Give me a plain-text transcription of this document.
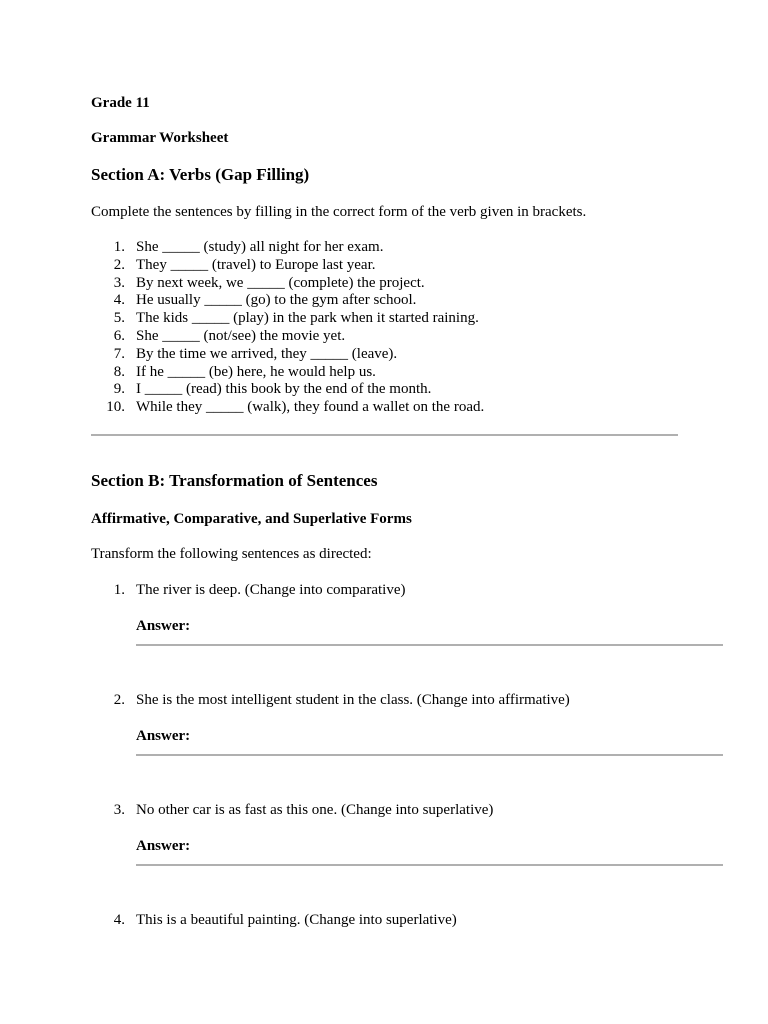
Grade 11

Grammar Worksheet

Section A: Verbs (Gap Filling)

Complete the sentences by filling in the correct form of the verb given in brackets.

1. She _____ (study) all night for her exam.
2. They _____ (travel) to Europe last year.
3. By next week, we _____ (complete) the project.
4. He usually _____ (go) to the gym after school.
5. The kids _____ (play) in the park when it started raining.
6. She _____ (not/see) the movie yet.
7. By the time we arrived, they _____ (leave).
8. If he _____ (be) here, he would help us.
9. I _____ (read) this book by the end of the month.
10. While they _____ (walk), they found a wallet on the road.
Section B: Transformation of Sentences
Affirmative, Comparative, and Superlative Forms

Transform the following sentences as directed:

1. The river is deep. (Change into comparative)
Answer:
2. She is the most intelligent student in the class. (Change into affirmative)
Answer:
3. No other car is as fast as this one. (Change into superlative)
Answer:
4. This is a beautiful painting. (Change into superlative)
